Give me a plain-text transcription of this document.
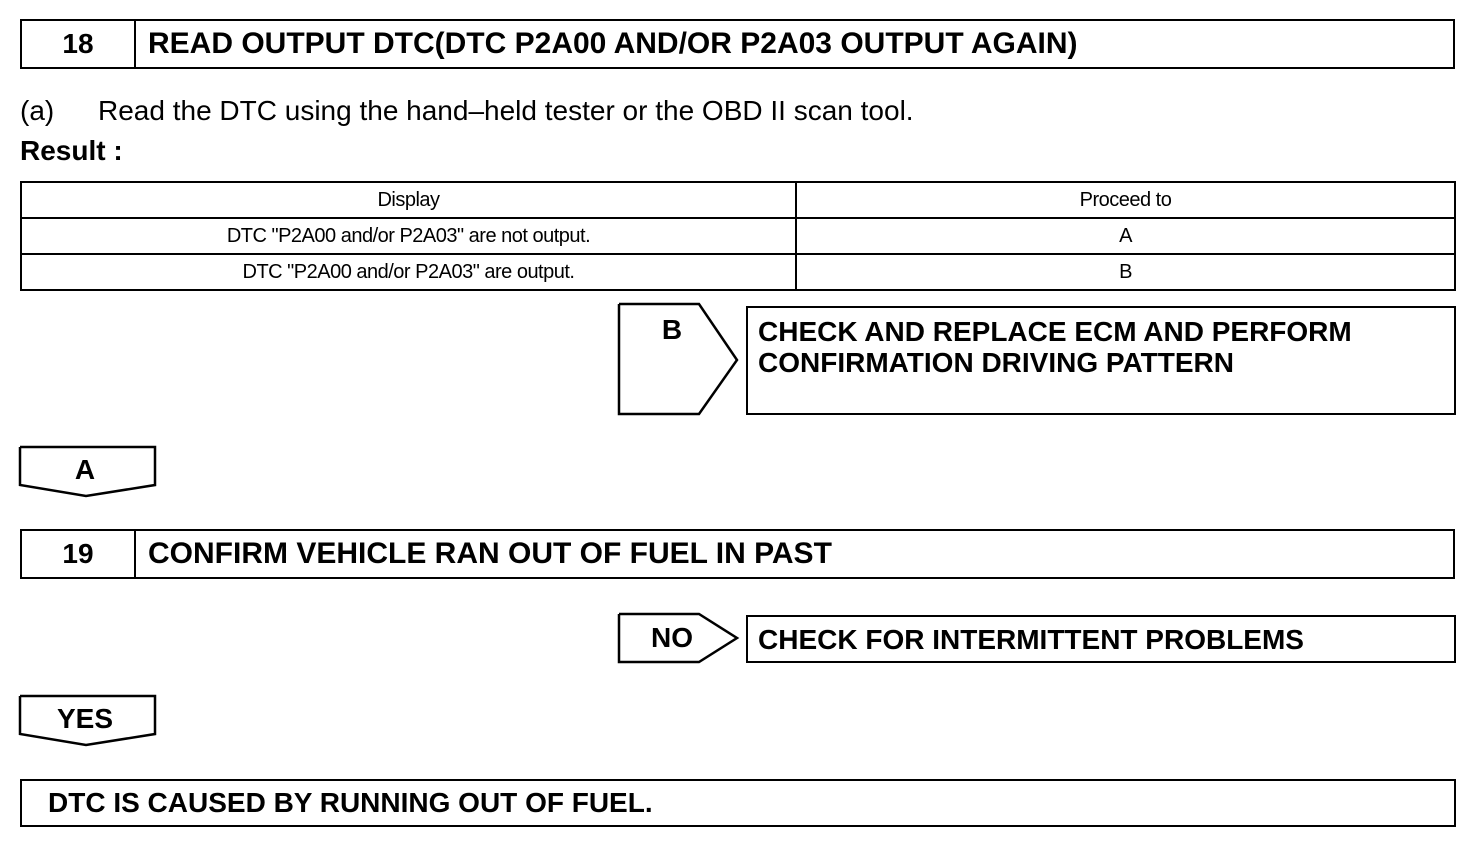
18	READ OUTPUT DTC(DTC P2A00 AND/OR P2A03 OUTPUT AGAIN)
(a) Read the DTC using the hand–held tester or the OBD II scan tool.
Result :
Display	Proceed to
DTC "P2A00 and/or P2A03" are not output.	A
DTC "P2A00 and/or P2A03" are output.	B
B	CHECK AND REPLACE ECM AND PERFORM
CONFIRMATION DRIVING PATTERN
A
19	CONFIRM VEHICLE RAN OUT OF FUEL IN PAST
NO	CHECK FOR INTERMITTENT PROBLEMS
YES
DTC IS CAUSED BY RUNNING OUT OF FUEL.
